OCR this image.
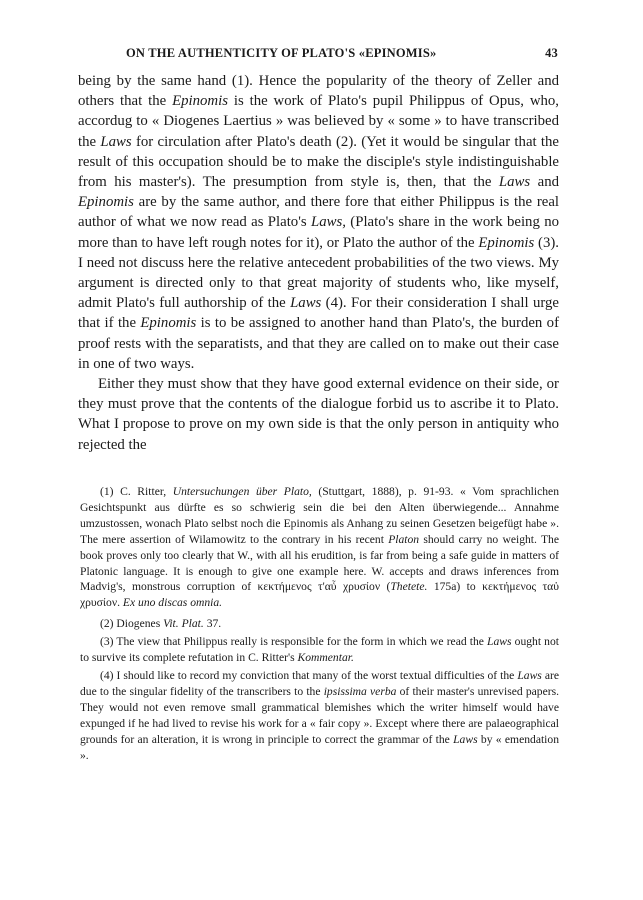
ON THE AUTHENTICITY OF PLATO'S «EPINOMIS»	43

being by the same hand (1). Hence the popularity of the theory of Zeller and others that the Epinomis is the work of Plato's pupil Philippus of Opus, who, accordug to « Diogenes Laertius » was believed by « some » to have transcribed the Laws for circulation after Plato's death (2). (Yet it would be singular that the result of this occupation should be to make the disciple's style indistinguishable from his master's). The presumption from style is, then, that the Laws and Epinomis are by the same author, and there fore that either Philippus is the real author of what we now read as Plato's Laws, (Plato's share in the work being no more than to have left rough notes for it), or Plato the author of the Epinomis (3). I need not discuss here the relative antecedent probabilities of the two views. My argument is directed only to that great majority of students who, like myself, admit Plato's full authorship of the Laws (4). For their consideration I shall urge that if the Epinomis is to be assigned to another hand than Plato's, the burden of proof rests with the separatists, and that they are called on to make out their case in one of two ways.

Either they must show that they have good external evidence on their side, or they must prove that the contents of the dialogue forbid us to ascribe it to Plato. What I propose to prove on my own side is that the only person in antiquity who rejected the

(1) C. Ritter, Untersuchungen über Plato, (Stuttgart, 1888), p. 91-93. « Vom sprachlichen Gesichtspunkt aus dürfte es so schwierig sein die bei den Alten überwiegende... Annahme umzustossen, wonach Plato selbst noch die Epinomis als Anhang zu seinen Gesetzen beigefügt habe ». The mere assertion of Wilamowitz to the contrary in his recent Platon should carry no weight. The book proves only too clearly that W., with all his erudition, is far from being a safe guide in matters of Platonic language. It is enough to give one example here. W. accepts and draws inferences from Madvig's, monstrous corruption of κεκτήμενος τ'αὖ χρυσίον (Thetete. 175a) to κεκτήμενος ταὐ χρυσίον. Ex uno discas omnia.

(2) Diogenes Vit. Plat. 37.

(3) The view that Philippus really is responsible for the form in which we read the Laws ought not to survive its complete refutation in C. Ritter's Kommentar.

(4) I should like to record my conviction that many of the worst textual difficulties of the Laws are due to the singular fidelity of the transcribers to the ipsissima verba of their master's unrevised papers. They would not even remove small grammatical blemishes which the writer himself would have expunged if he had lived to revise his work for a « fair copy ». Except where there are palaeographical grounds for an alteration, it is wrong in principle to correct the grammar of the Laws by « emendation ».
